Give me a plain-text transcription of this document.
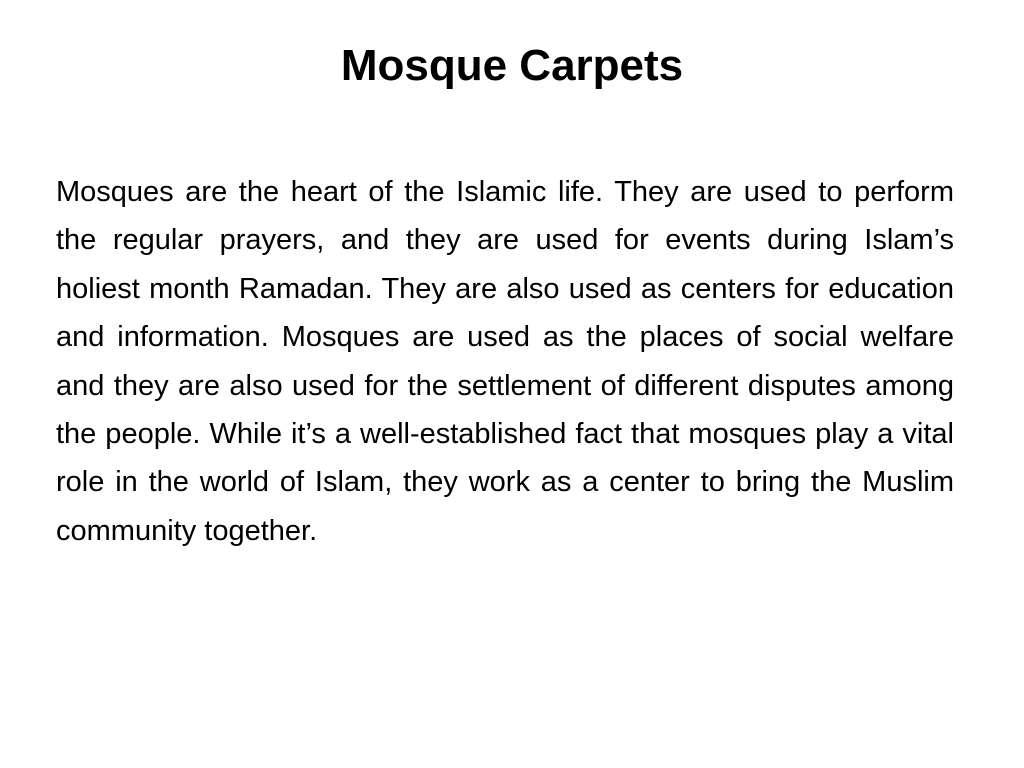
Mosque Carpets

Mosques are the heart of the Islamic life. They are used to perform the regular prayers, and they are used for events during Islam’s holiest month Ramadan. They are also used as centers for education and information. Mosques are used as the places of social welfare and they are also used for the settlement of different disputes among the people. While it’s a well-established fact that mosques play a vital role in the world of Islam, they work as a center to bring the Muslim community together.
